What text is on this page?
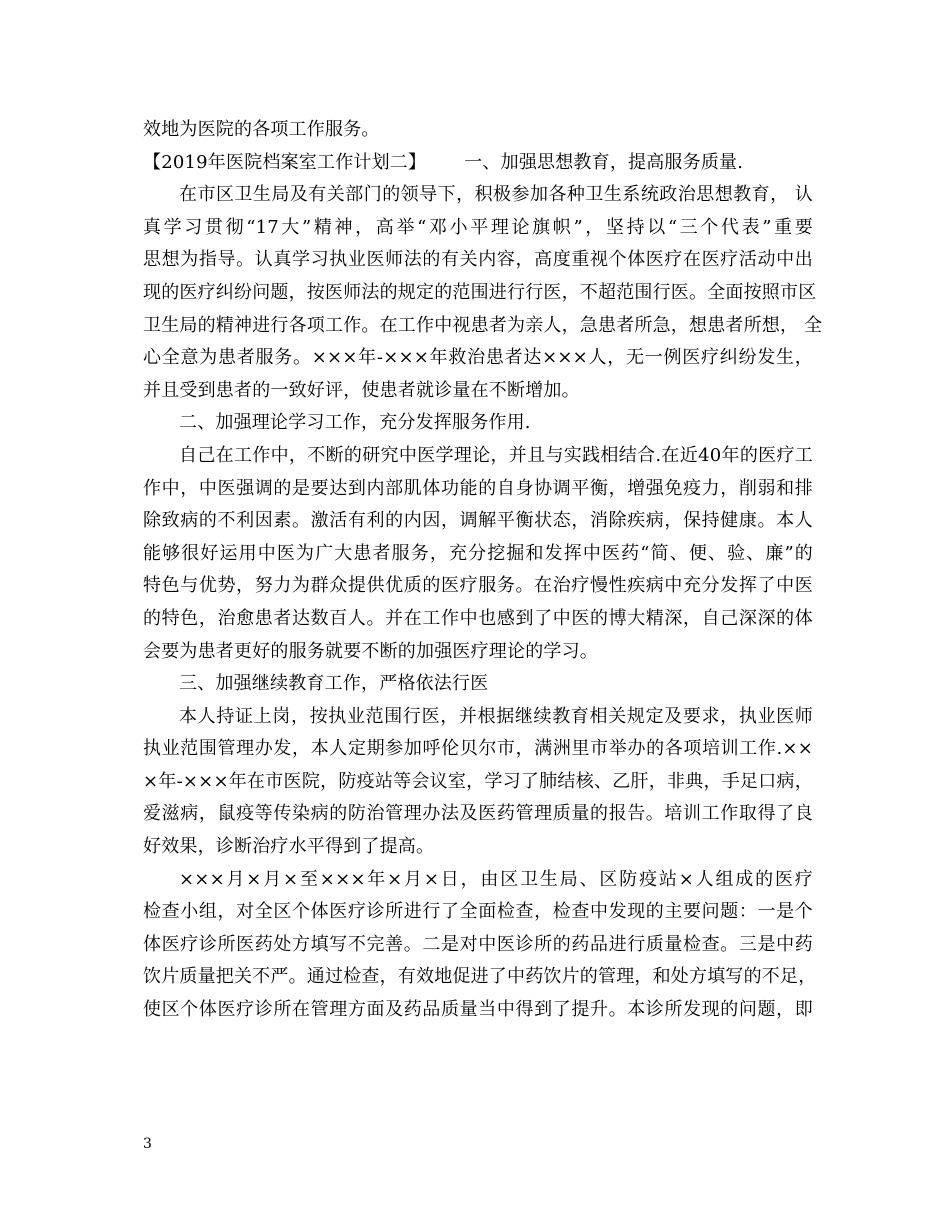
效地为医院的各项工作服务。
【2019年医院档案室工作计划二】 一、加强思想教育，提高服务质量.
在市区卫生局及有关部门的领导下，积极参加各种卫生系统政治思想教育， 认
真学习贯彻“17大”精神，高举“邓小平理论旗帜”，坚持以“三个代表”重要
思想为指导。认真学习执业医师法的有关内容，高度重视个体医疗在医疗活动中出
现的医疗纠纷问题，按医师法的规定的范围进行行医，不超范围行医。全面按照市区
卫生局的精神进行各项工作。在工作中视患者为亲人，急患者所急，想患者所想， 全
心全意为患者服务。×××年-×××年救治患者达×××人，无一例医疗纠纷发生，
并且受到患者的一致好评，使患者就诊量在不断增加。
二、加强理论学习工作，充分发挥服务作用.
自己在工作中，不断的研究中医学理论，并且与实践相结合.在近40年的医疗工
作中，中医强调的是要达到内部肌体功能的自身协调平衡，增强免疫力，削弱和排
除致病的不利因素。激活有利的内因，调解平衡状态，消除疾病，保持健康。本人
能够很好运用中医为广大患者服务，充分挖掘和发挥中医药“简、便、验、廉”的
特色与优势，努力为群众提供优质的医疗服务。在治疗慢性疾病中充分发挥了中医
的特色，治愈患者达数百人。并在工作中也感到了中医的博大精深，自己深深的体
会要为患者更好的服务就要不断的加强医疗理论的学习。
三、加强继续教育工作，严格依法行医
本人持证上岗，按执业范围行医，并根据继续教育相关规定及要求，执业医师
执业范围管理办发，本人定期参加呼伦贝尔市，满洲里市举办的各项培训工作.××
×年-×××年在市医院，防疫站等会议室，学习了肺结核、乙肝，非典，手足口病，
爱滋病，鼠疫等传染病的防治管理办法及医药管理质量的报告。培训工作取得了良
好效果，诊断治疗水平得到了提高。
×××月×月×至×××年×月×日，由区卫生局、区防疫站×人组成的医疗
检查小组，对全区个体医疗诊所进行了全面检查，检查中发现的主要问题：一是个
体医疗诊所医药处方填写不完善。二是对中医诊所的药品进行质量检查。三是中药
饮片质量把关不严。通过检查，有效地促进了中药饮片的管理，和处方填写的不足，
使区个体医疗诊所在管理方面及药品质量当中得到了提升。本诊所发现的问题，即
3
